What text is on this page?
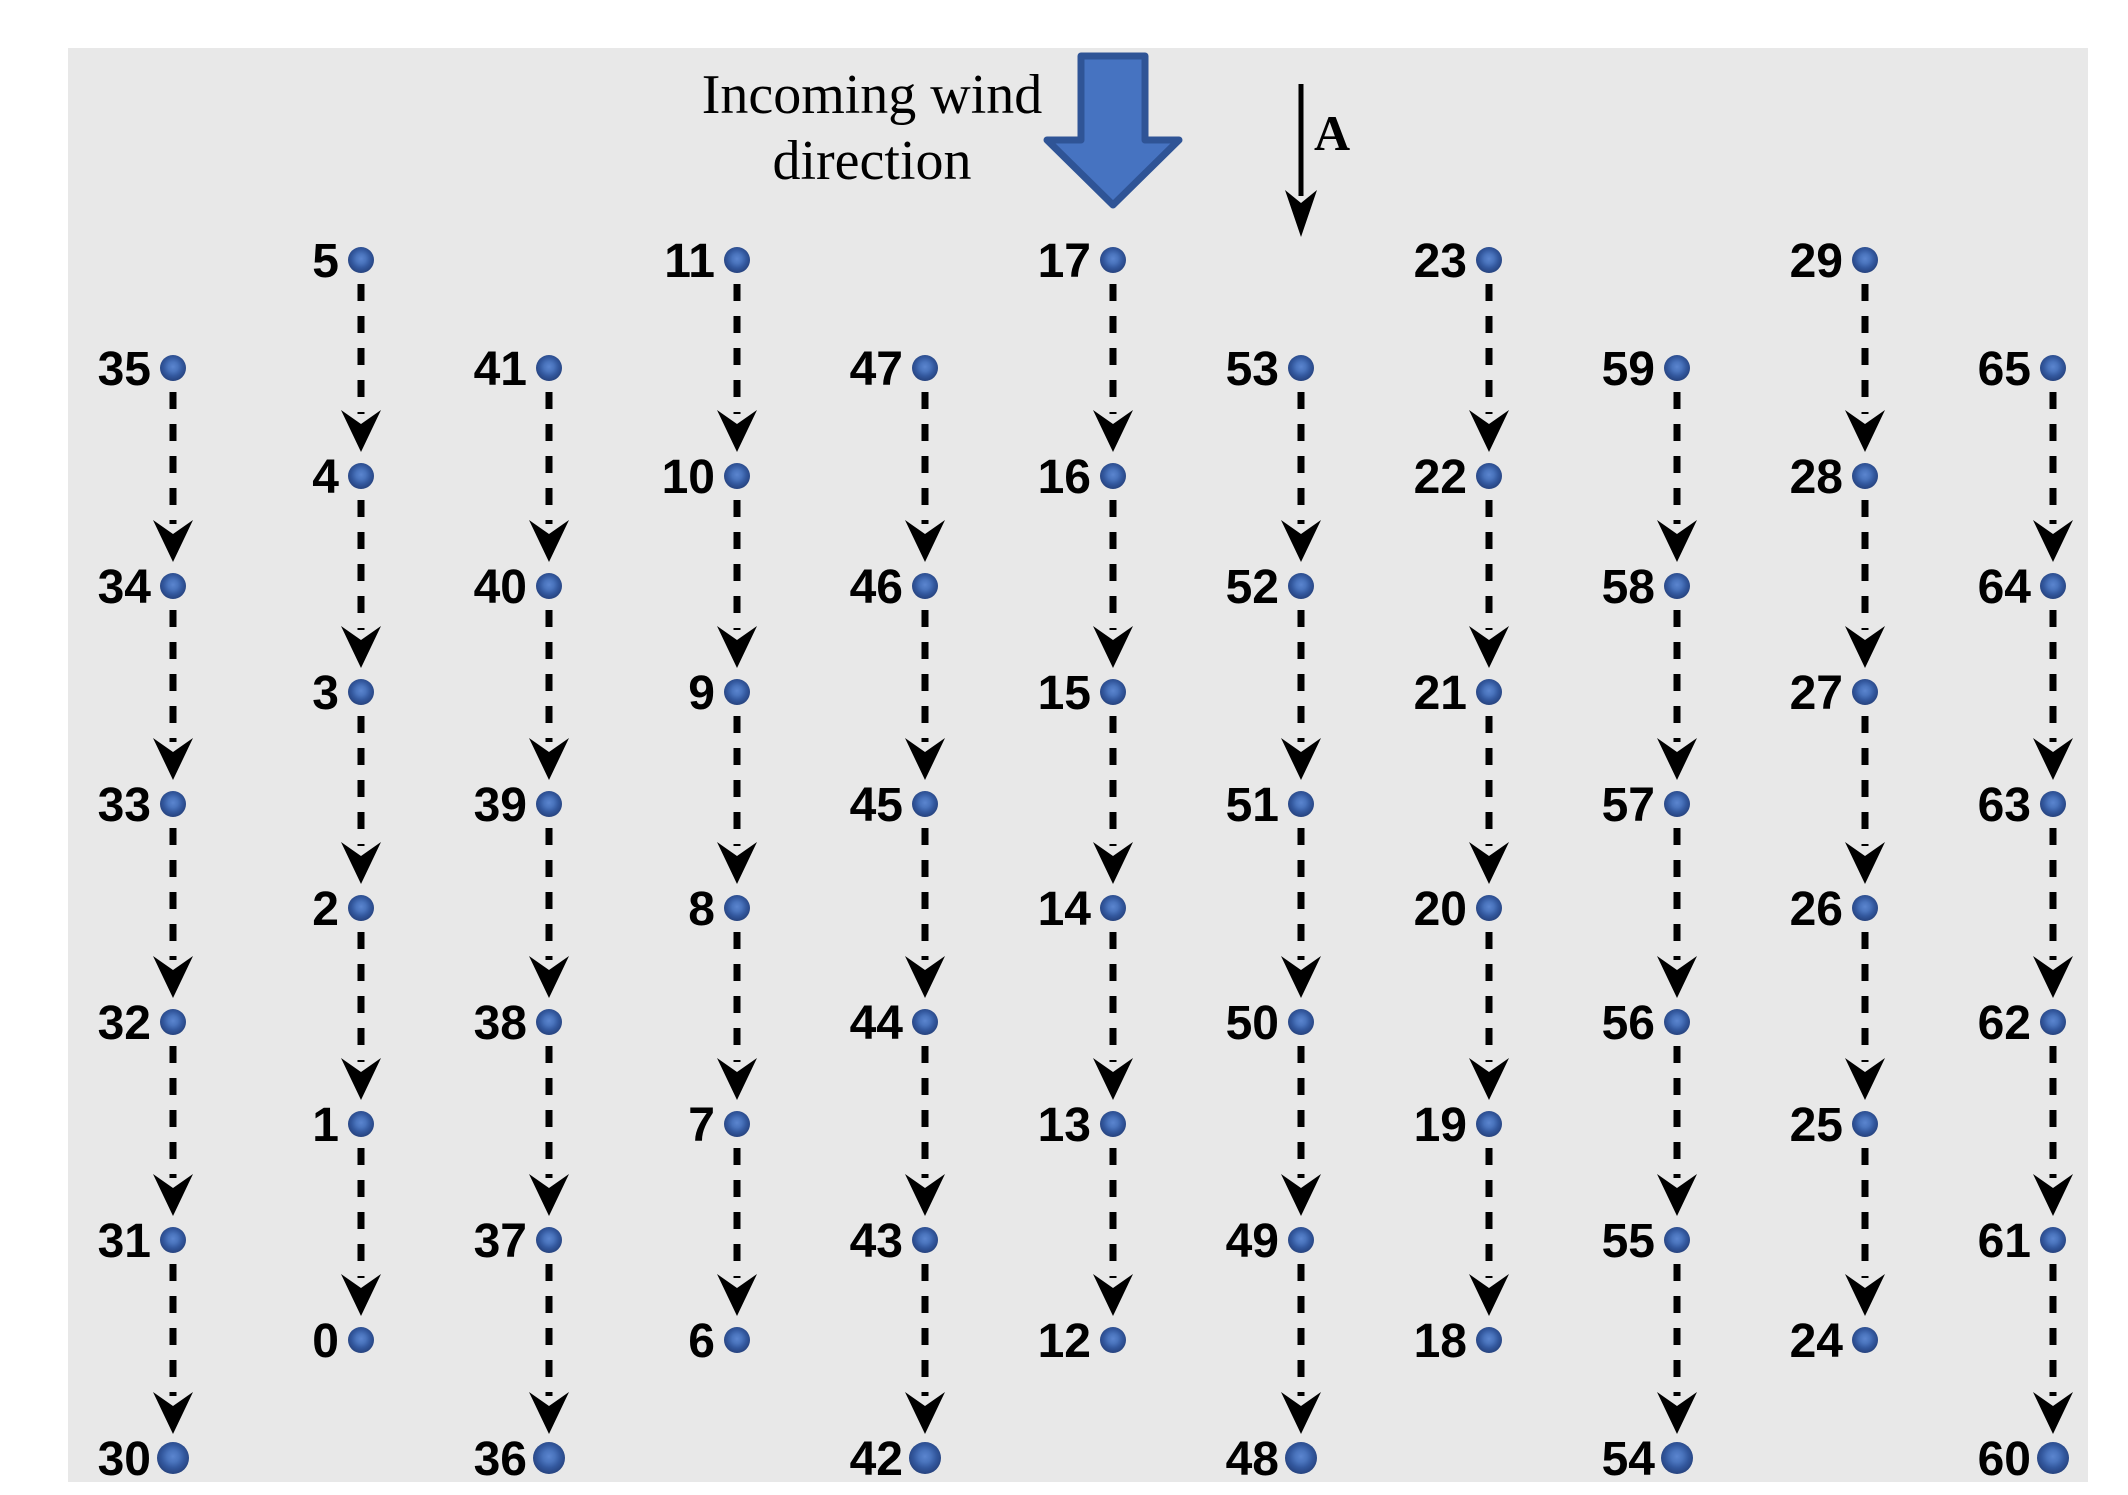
Incoming wind
direction
35
34
33
32
31
30
5
4
3
2
1
0
41
40
39
38
37
36
11
10
9
8
7
6
47
46
45
44
43
42
17
16
15
14
13
12
53
52
51
50
49
48
23
22
21
20
19
18
59
58
57
56
55
54
29
28
27
26
25
24
65
64
63
62
61
60
A
